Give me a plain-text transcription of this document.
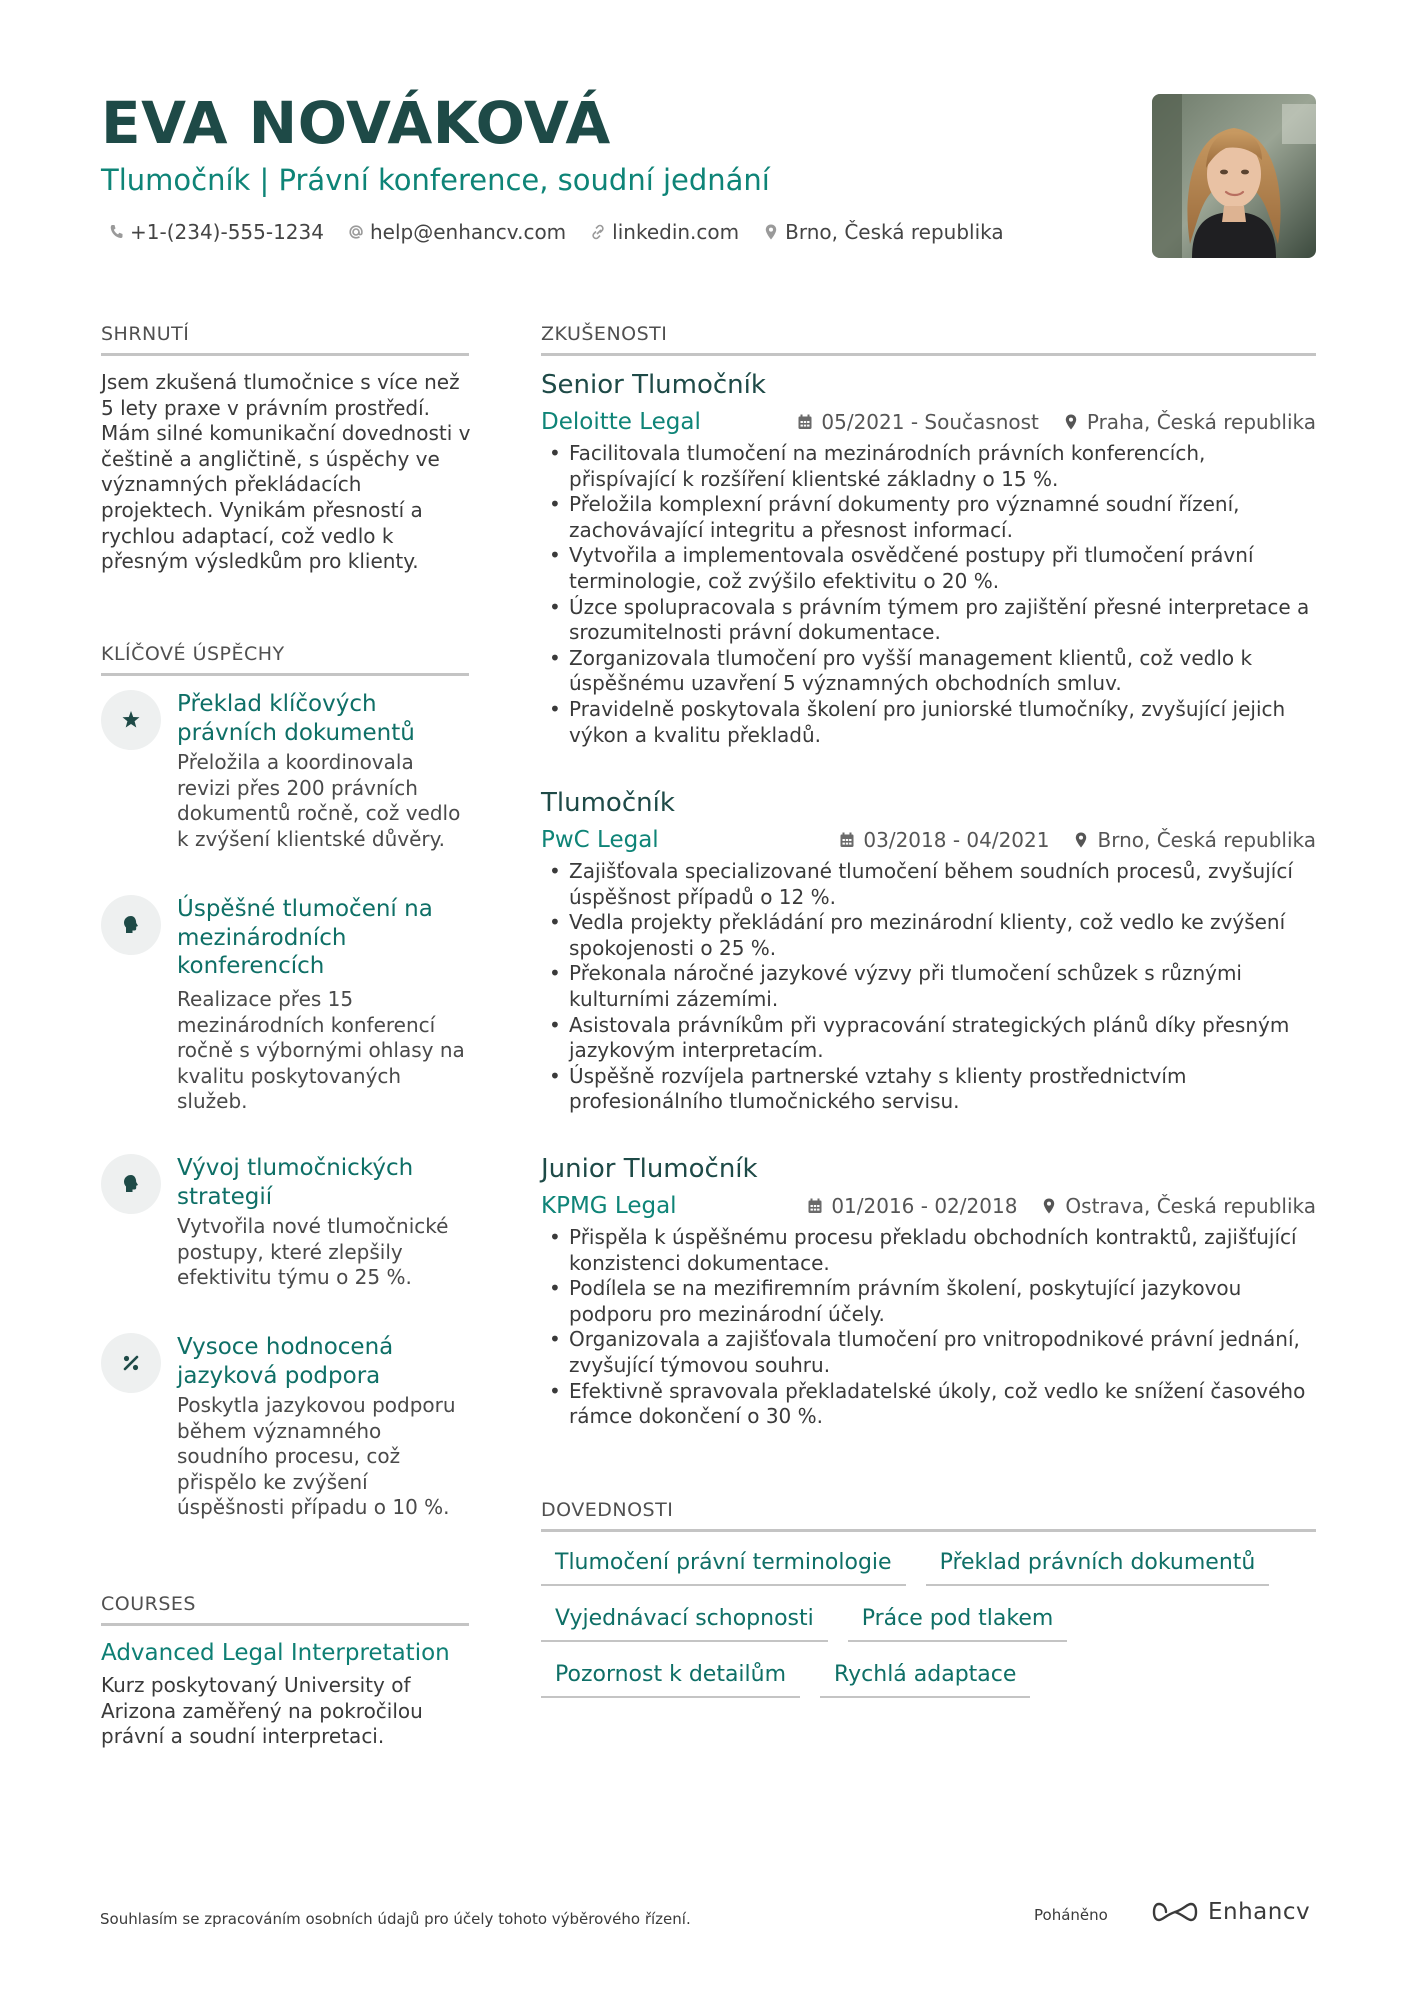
EVA NOVÁKOVÁ
Tlumočník | Právní konference, soudní jednání
+1-(234)-555-1234 help@enhancv.com linkedin.com Brno, Česká republika
SHRNUTÍ
Jsem zkušená tlumočnice s více než 5 lety praxe v právním prostředí. Mám silné komunikační dovednosti v češtině a angličtině, s úspěchy ve významných překládacích projektech. Vynikám přesností a rychlou adaptací, což vedlo k přesným výsledkům pro klienty.
KLÍČOVÉ ÚSPĚCHY
Překlad klíčových právních dokumentů
Přeložila a koordinovala revizi přes 200 právních dokumentů ročně, což vedlo k zvýšení klientské důvěry.
Úspěšné tlumočení na mezinárodních konferencích
Realizace přes 15 mezinárodních konferencí ročně s výbornými ohlasy na kvalitu poskytovaných služeb.
Vývoj tlumočnických strategií
Vytvořila nové tlumočnické postupy, které zlepšily efektivitu týmu o 25 %.
Vysoce hodnocená jazyková podpora
Poskytla jazykovou podporu během významného soudního procesu, což přispělo ke zvýšení úspěšnosti případu o 10 %.
COURSES
Advanced Legal Interpretation
Kurz poskytovaný University of Arizona zaměřený na pokročilou právní a soudní interpretaci.
ZKUŠENOSTI
Senior Tlumočník
Deloitte Legal	05/2021 - Současnost Praha, Česká republika
• Facilitovala tlumočení na mezinárodních právních konferencích, přispívající k rozšíření klientské základny o 15 %.
• Přeložila komplexní právní dokumenty pro významné soudní řízení, zachovávající integritu a přesnost informací.
• Vytvořila a implementovala osvědčené postupy při tlumočení právní terminologie, což zvýšilo efektivitu o 20 %.
• Úzce spolupracovala s právním týmem pro zajištění přesné interpretace a srozumitelnosti právní dokumentace.
• Zorganizovala tlumočení pro vyšší management klientů, což vedlo k úspěšnému uzavření 5 významných obchodních smluv.
• Pravidelně poskytovala školení pro juniorské tlumočníky, zvyšující jejich výkon a kvalitu překladů.
Tlumočník
PwC Legal	03/2018 - 04/2021 Brno, Česká republika
• Zajišťovala specializované tlumočení během soudních procesů, zvyšující úspěšnost případů o 12 %.
• Vedla projekty překládání pro mezinárodní klienty, což vedlo ke zvýšení spokojenosti o 25 %.
• Překonala náročné jazykové výzvy při tlumočení schůzek s různými kulturními zázemími.
• Asistovala právníkům při vypracování strategických plánů díky přesným jazykovým interpretacím.
• Úspěšně rozvíjela partnerské vztahy s klienty prostřednictvím profesionálního tlumočnického servisu.
Junior Tlumočník
KPMG Legal	01/2016 - 02/2018 Ostrava, Česká republika
• Přispěla k úspěšnému procesu překladu obchodních kontraktů, zajišťující konzistenci dokumentace.
• Podílela se na mezifiremním právním školení, poskytující jazykovou podporu pro mezinárodní účely.
• Organizovala a zajišťovala tlumočení pro vnitropodnikové právní jednání, zvyšující týmovou souhru.
• Efektivně spravovala překladatelské úkoly, což vedlo ke snížení časového rámce dokončení o 30 %.
DOVEDNOSTI
Tlumočení právní terminologie	Překlad právních dokumentů
Vyjednávací schopnosti	Práce pod tlakem
Pozornost k detailům	Rychlá adaptace
Souhlasím se zpracováním osobních údajů pro účely tohoto výběrového řízení.	Poháněno	Enhancv
